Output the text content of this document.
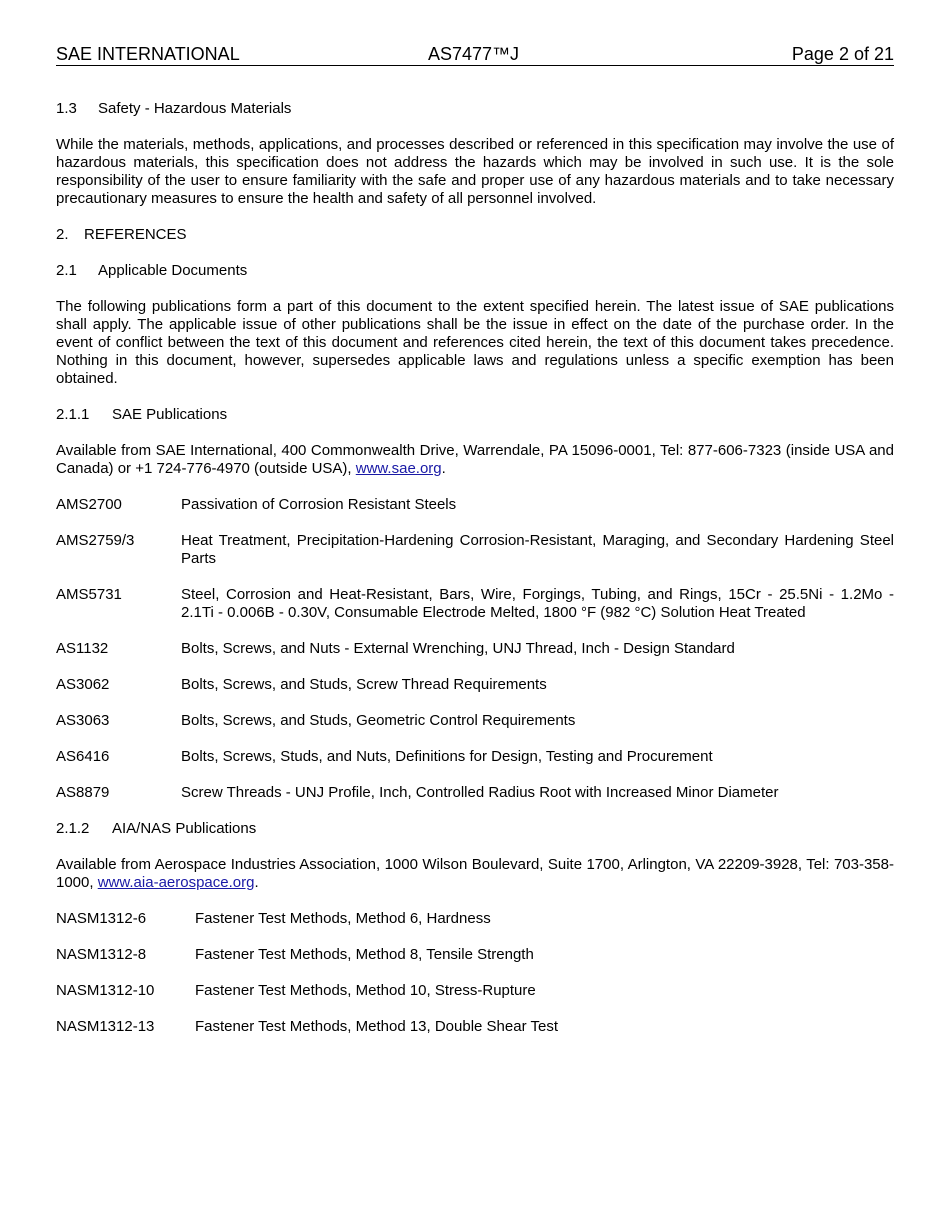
SAE INTERNATIONAL	AS7477™J	Page 2 of 21
1.3 Safety - Hazardous Materials

While the materials, methods, applications, and processes described or referenced in this specification may involve the use of hazardous materials, this specification does not address the hazards which may be involved in such use. It is the sole responsibility of the user to ensure familiarity with the safe and proper use of any hazardous materials and to take necessary precautionary measures to ensure the health and safety of all personnel involved.

2. REFERENCES
2.1 Applicable Documents

The following publications form a part of this document to the extent specified herein. The latest issue of SAE publications shall apply. The applicable issue of other publications shall be the issue in effect on the date of the purchase order. In the event of conflict between the text of this document and references cited herein, the text of this document takes precedence. Nothing in this document, however, supersedes applicable laws and regulations unless a specific exemption has been obtained.

2.1.1 SAE Publications

Available from SAE International, 400 Commonwealth Drive, Warrendale, PA 15096-0001, Tel: 877-606-7323 (inside USA and Canada) or +1 724-776-4970 (outside USA), www.sae.org.

AMS2700	Passivation of Corrosion Resistant Steels
AMS2759/3	Heat Treatment, Precipitation-Hardening Corrosion-Resistant, Maraging, and Secondary Hardening Steel Parts
AMS5731	Steel, Corrosion and Heat-Resistant, Bars, Wire, Forgings, Tubing, and Rings, 15Cr - 25.5Ni - 1.2Mo - 2.1Ti - 0.006B - 0.30V, Consumable Electrode Melted, 1800 °F (982 °C) Solution Heat Treated
AS1132	Bolts, Screws, and Nuts - External Wrenching, UNJ Thread, Inch - Design Standard
AS3062	Bolts, Screws, and Studs, Screw Thread Requirements
AS3063	Bolts, Screws, and Studs, Geometric Control Requirements
AS6416	Bolts, Screws, Studs, and Nuts, Definitions for Design, Testing and Procurement
AS8879	Screw Threads - UNJ Profile, Inch, Controlled Radius Root with Increased Minor Diameter
2.1.2 AIA/NAS Publications

Available from Aerospace Industries Association, 1000 Wilson Boulevard, Suite 1700, Arlington, VA 22209-3928, Tel: 703-358-1000, www.aia-aerospace.org.

NASM1312-6	Fastener Test Methods, Method 6, Hardness
NASM1312-8	Fastener Test Methods, Method 8, Tensile Strength
NASM1312-10	Fastener Test Methods, Method 10, Stress-Rupture
NASM1312-13	Fastener Test Methods, Method 13, Double Shear Test
